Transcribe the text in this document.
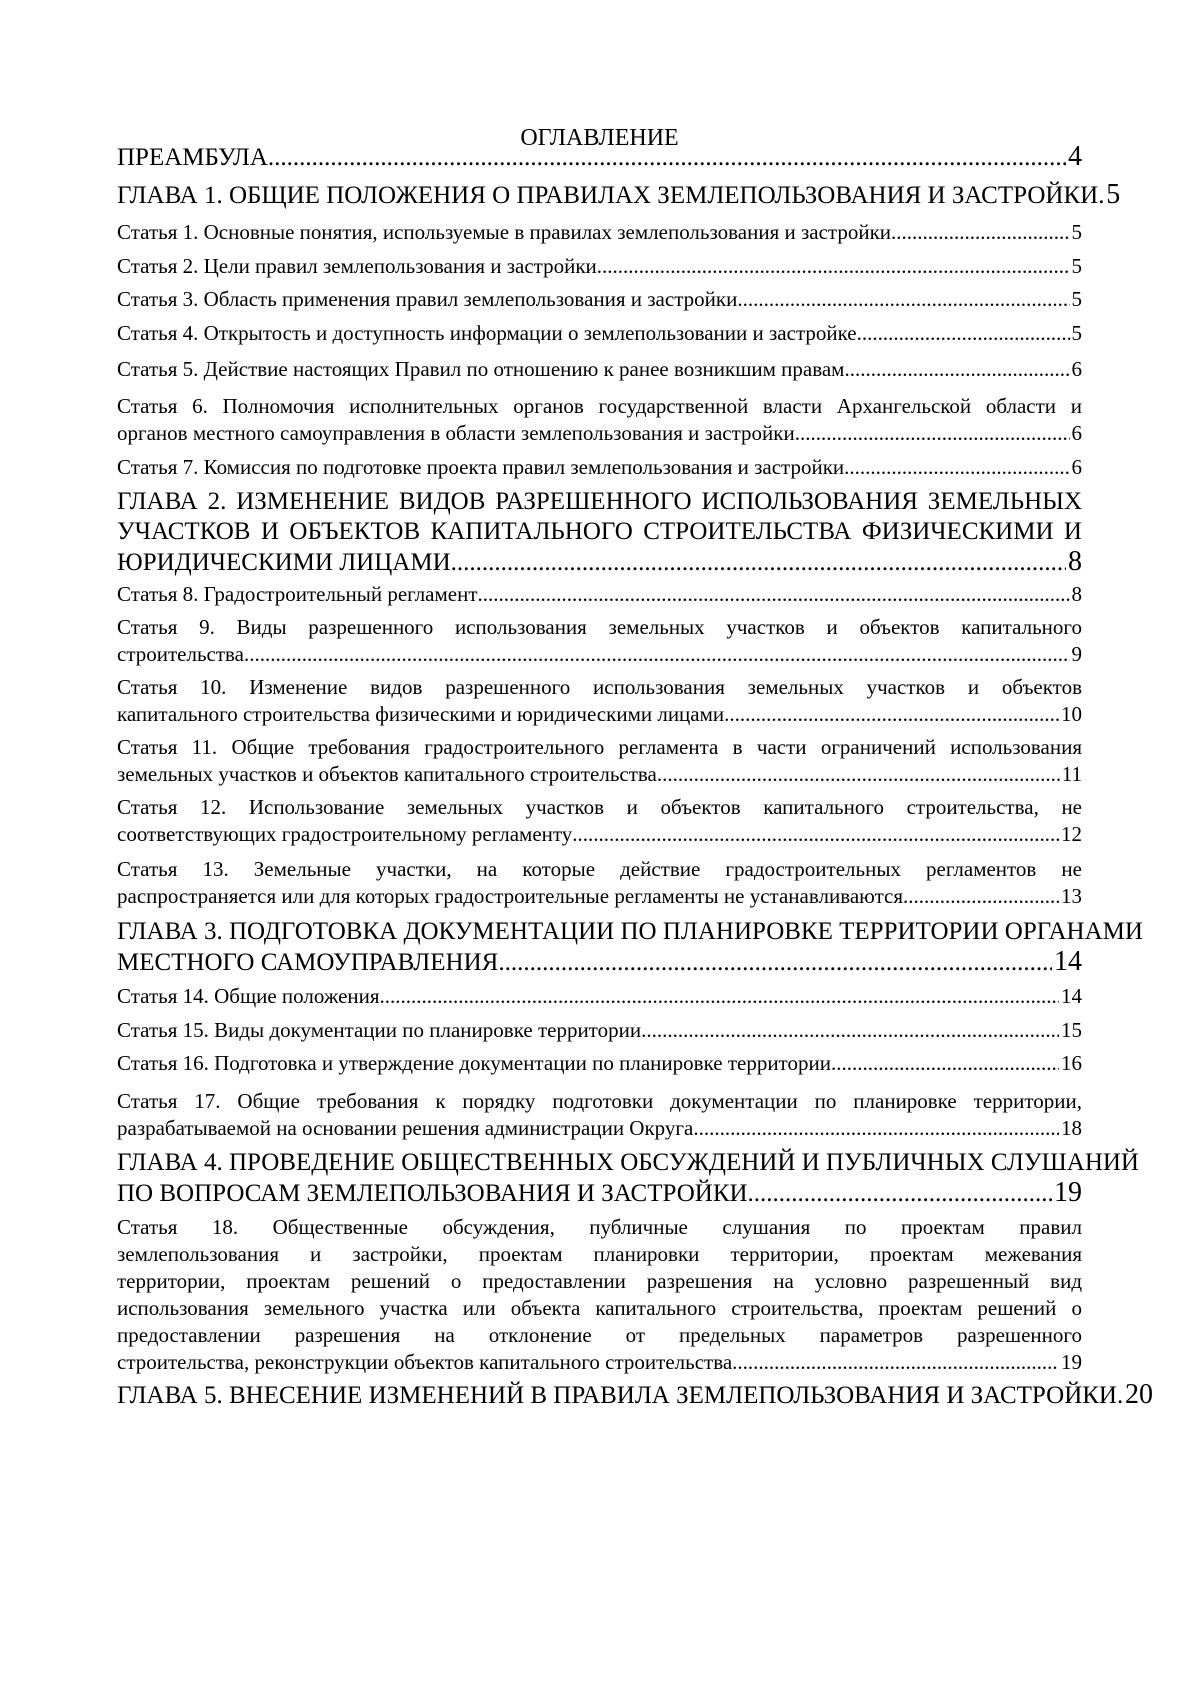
ОГЛАВЛЕНИЕ
ПРЕАМБУЛА .....	4
ГЛАВА 1. ОБЩИЕ ПОЛОЖЕНИЯ О ПРАВИЛАХ ЗЕМЛЕПОЛЬЗОВАНИЯ И ЗАСТРОЙКИ ..... 5
Статья 1. Основные понятия, используемые в правилах землепользования и застройки .....	5
Статья 2. Цели правил землепользования и застройки .....	5
Статья 3. Область применения правил землепользования и застройки .....	5
Статья 4. Открытость и доступность информации о землепользовании и застройке .....	5
Статья 5. Действие настоящих Правил по отношению к ранее возникшим правам .....	6
Статья 6. Полномочия исполнительных органов государственной власти Архангельской области и
органов местного самоуправления в области землепользования и застройки .....	6
Статья 7. Комиссия по подготовке проекта правил землепользования и застройки .....	6
ГЛАВА 2. ИЗМЕНЕНИЕ ВИДОВ РАЗРЕШЕННОГО ИСПОЛЬЗОВАНИЯ ЗЕМЕЛЬНЫХ
УЧАСТКОВ И ОБЪЕКТОВ КАПИТАЛЬНОГО СТРОИТЕЛЬСТВА ФИЗИЧЕСКИМИ И
ЮРИДИЧЕСКИМИ ЛИЦАМИ .....	8
Статья 8. Градостроительный регламент .....	8
Статья 9. Виды разрешенного использования земельных участков и объектов капитального
строительства .....	9
Статья 10. Изменение видов разрешенного использования земельных участков и объектов
капитального строительства физическими и юридическими лицами .....	10
Статья 11. Общие требования градостроительного регламента в части ограничений использования
земельных участков и объектов капитального строительства .....	11
Статья 12. Использование земельных участков и объектов капитального строительства, не
соответствующих градостроительному регламенту .....	12
Статья 13. Земельные участки, на которые действие градостроительных регламентов не
распространяется или для которых градостроительные регламенты не устанавливаются .....	13
ГЛАВА 3. ПОДГОТОВКА ДОКУМЕНТАЦИИ ПО ПЛАНИРОВКЕ ТЕРРИТОРИИ ОРГАНАМИ
МЕСТНОГО САМОУПРАВЛЕНИЯ .....	14
Статья 14. Общие положения .....	14
Статья 15. Виды документации по планировке территории .....	15
Статья 16. Подготовка и утверждение документации по планировке территории .....	16
Статья 17. Общие требования к порядку подготовки документации по планировке территории,
разрабатываемой на основании решения администрации Округа .....	18
ГЛАВА 4. ПРОВЕДЕНИЕ ОБЩЕСТВЕННЫХ ОБСУЖДЕНИЙ И ПУБЛИЧНЫХ СЛУШАНИЙ
ПО ВОПРОСАМ ЗЕМЛЕПОЛЬЗОВАНИЯ И ЗАСТРОЙКИ .....	19
Статья 18. Общественные обсуждения, публичные слушания по проектам правил
землепользования и застройки, проектам планировки территории, проектам межевания
территории, проектам решений о предоставлении разрешения на условно разрешенный вид
использования земельного участка или объекта капитального строительства, проектам решений о
предоставлении разрешения на отклонение от предельных параметров разрешенного
строительства, реконструкции объектов капитального строительства .....	19
ГЛАВА 5. ВНЕСЕНИЕ ИЗМЕНЕНИЙ В ПРАВИЛА ЗЕМЛЕПОЛЬЗОВАНИЯ И ЗАСТРОЙКИ ..... 20
